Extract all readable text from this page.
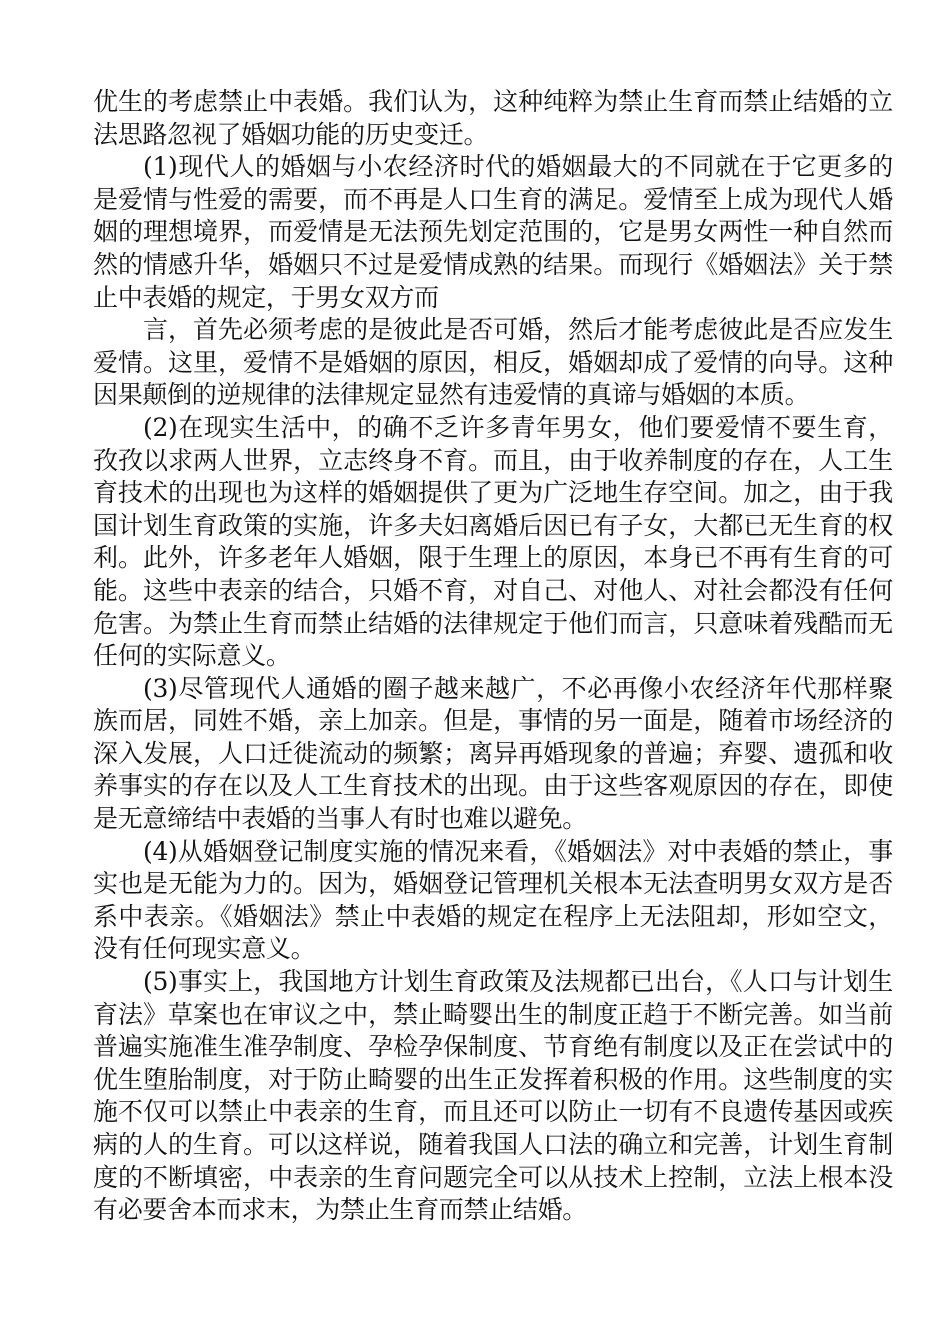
优生的考虑禁止中表婚。我们认为，这种纯粹为禁止生育而禁止结婚的立法思路忽视了婚姻功能的历史变迁。

(1)现代人的婚姻与小农经济时代的婚姻最大的不同就在于它更多的是爱情与性爱的需要，而不再是人口生育的满足。爱情至上成为现代人婚姻的理想境界，而爱情是无法预先划定范围的，它是男女两性一种自然而然的情感升华，婚姻只不过是爱情成熟的结果。而现行《婚姻法》关于禁止中表婚的规定，于男女双方而

言，首先必须考虑的是彼此是否可婚，然后才能考虑彼此是否应发生爱情。这里，爱情不是婚姻的原因，相反，婚姻却成了爱情的向导。这种因果颠倒的逆规律的法律规定显然有违爱情的真谛与婚姻的本质。

(2)在现实生活中，的确不乏许多青年男女，他们要爱情不要生育，孜孜以求两人世界，立志终身不育。而且，由于收养制度的存在，人工生育技术的出现也为这样的婚姻提供了更为广泛地生存空间。加之，由于我国计划生育政策的实施，许多夫妇离婚后因已有子女，大都已无生育的权利。此外，许多老年人婚姻，限于生理上的原因，本身已不再有生育的可能。这些中表亲的结合，只婚不育，对自己、对他人、对社会都没有任何危害。为禁止生育而禁止结婚的法律规定于他们而言，只意味着残酷而无任何的实际意义。

(3)尽管现代人通婚的圈子越来越广，不必再像小农经济年代那样聚族而居，同姓不婚，亲上加亲。但是，事情的另一面是，随着市场经济的深入发展，人口迁徙流动的频繁；离异再婚现象的普遍；弃婴、遗孤和收养事实的存在以及人工生育技术的出现。由于这些客观原因的存在，即使是无意缔结中表婚的当事人有时也难以避免。

(4)从婚姻登记制度实施的情况来看，《婚姻法》对中表婚的禁止，事实也是无能为力的。因为，婚姻登记管理机关根本无法查明男女双方是否系中表亲。《婚姻法》禁止中表婚的规定在程序上无法阻却，形如空文，没有任何现实意义。

(5)事实上，我国地方计划生育政策及法规都已出台，《人口与计划生育法》草案也在审议之中，禁止畸婴出生的制度正趋于不断完善。如当前普遍实施准生准孕制度、孕检孕保制度、节育绝有制度以及正在尝试中的优生堕胎制度，对于防止畸婴的出生正发挥着积极的作用。这些制度的实施不仅可以禁止中表亲的生育，而且还可以防止一切有不良遗传基因或疾病的人的生育。可以这样说，随着我国人口法的确立和完善，计划生育制度的不断填密，中表亲的生育问题完全可以从技术上控制，立法上根本没有必要舍本而求末，为禁止生育而禁止结婚。
